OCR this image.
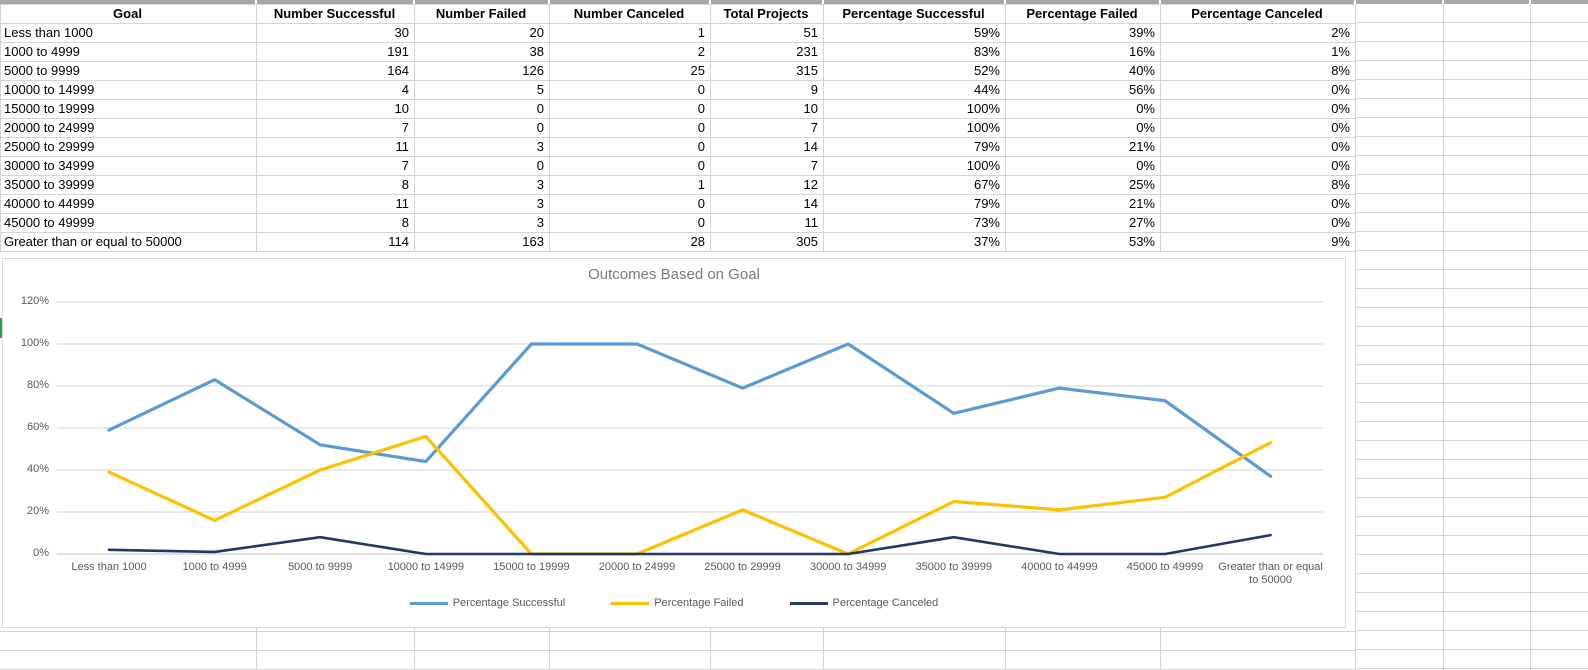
Goal	Number Successful	Number Failed	Number Canceled	Total Projects	Percentage Successful	Percentage Failed	Percentage Canceled
Less than 1000	30	20	1	51	59%	39%	2%
1000 to 4999	191	38	2	231	83%	16%	1%
5000 to 9999	164	126	25	315	52%	40%	8%
10000 to 14999	4	5	0	9	44%	56%	0%
15000 to 19999	10	0	0	10	100%	0%	0%
20000 to 24999	7	0	0	7	100%	0%	0%
25000 to 29999	11	3	0	14	79%	21%	0%
30000 to 34999	7	0	0	7	100%	0%	0%
35000 to 39999	8	3	1	12	67%	25%	8%
40000 to 44999	11	3	0	14	79%	21%	0%
45000 to 49999	8	3	0	11	73%	27%	0%
Greater than or equal to 50000	114	163	28	305	37%	53%	9%
Outcomes Based on Goal
0%
20%
40%
60%
80%
100%
120%
Less than 1000	1000 to 4999	5000 to 9999	10000 to 14999	15000 to 19999	20000 to 24999	25000 to 29999	30000 to 34999	35000 to 39999	40000 to 44999	45000 to 49999	Greater than or equal to 50000
Percentage Successful	Percentage Failed	Percentage Canceled
